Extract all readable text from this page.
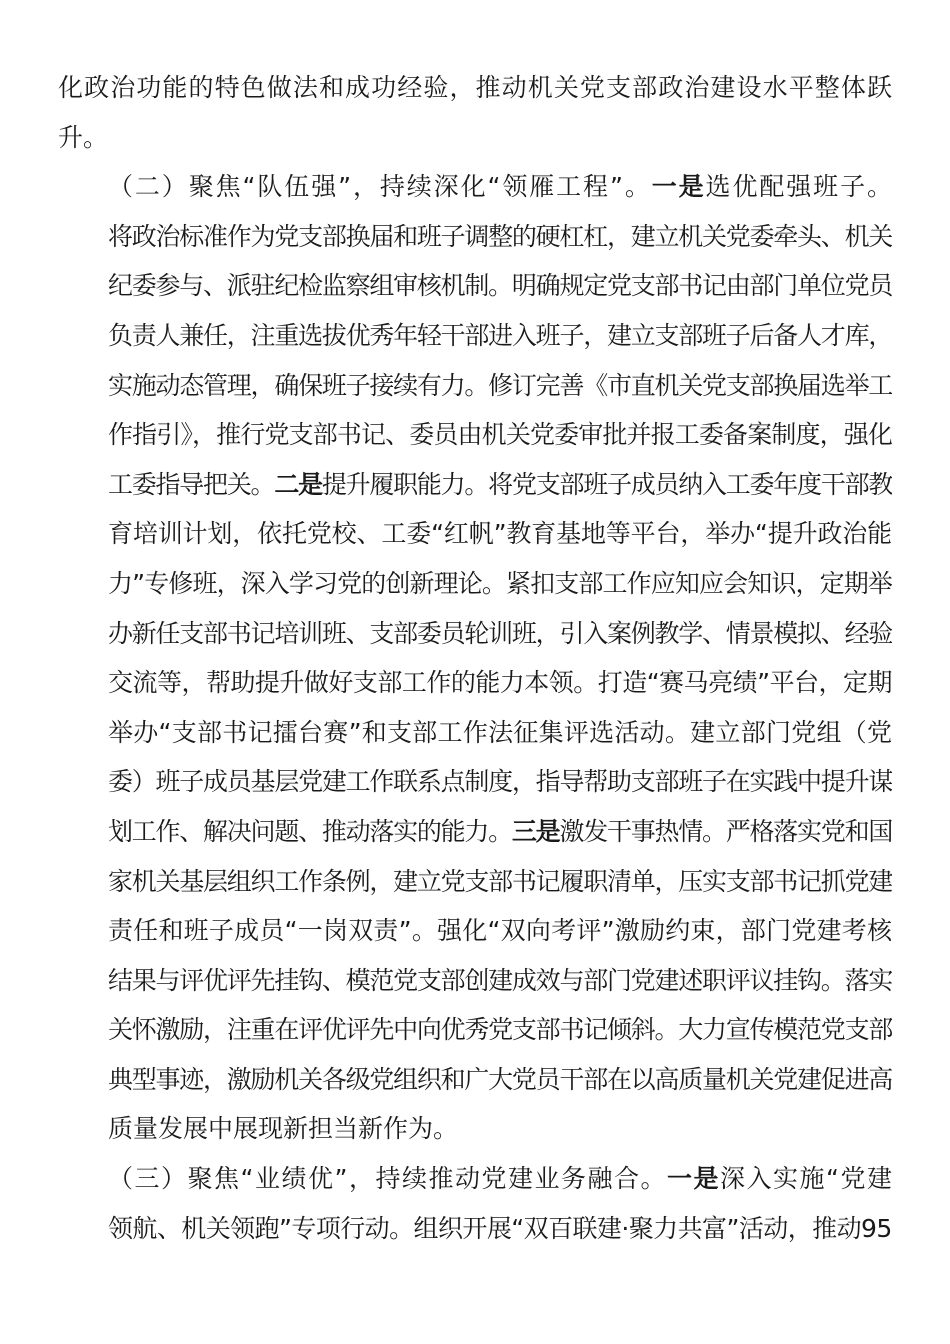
化政治功能的特色做法和成功经验，推动机关党支部政治建设水平整体跃
升。
（二）聚焦“队伍强”，持续深化“领雁工程”。一是选优配强班子。
将政治标准作为党支部换届和班子调整的硬杠杠，建立机关党委牵头、机关
纪委参与、派驻纪检监察组审核机制。明确规定党支部书记由部门单位党员
负责人兼任，注重选拔优秀年轻干部进入班子，建立支部班子后备人才库，
实施动态管理，确保班子接续有力。修订完善《市直机关党支部换届选举工
作指引》，推行党支部书记、委员由机关党委审批并报工委备案制度，强化
工委指导把关。二是提升履职能力。将党支部班子成员纳入工委年度干部教
育培训计划，依托党校、工委“红帆”教育基地等平台，举办“提升政治能
力”专修班，深入学习党的创新理论。紧扣支部工作应知应会知识，定期举
办新任支部书记培训班、支部委员轮训班，引入案例教学、情景模拟、经验
交流等，帮助提升做好支部工作的能力本领。打造“赛马亮绩”平台，定期
举办“支部书记擂台赛”和支部工作法征集评选活动。建立部门党组（党
委）班子成员基层党建工作联系点制度，指导帮助支部班子在实践中提升谋
划工作、解决问题、推动落实的能力。三是激发干事热情。严格落实党和国
家机关基层组织工作条例，建立党支部书记履职清单，压实支部书记抓党建
责任和班子成员“一岗双责”。强化“双向考评”激励约束，部门党建考核
结果与评优评先挂钩、模范党支部创建成效与部门党建述职评议挂钩。落实
关怀激励，注重在评优评先中向优秀党支部书记倾斜。大力宣传模范党支部
典型事迹，激励机关各级党组织和广大党员干部在以高质量机关党建促进高
质量发展中展现新担当新作为。
（三）聚焦“业绩优”，持续推动党建业务融合。一是深入实施“党建
领航、机关领跑”专项行动。组织开展“双百联建·聚力共富”活动，推动95
